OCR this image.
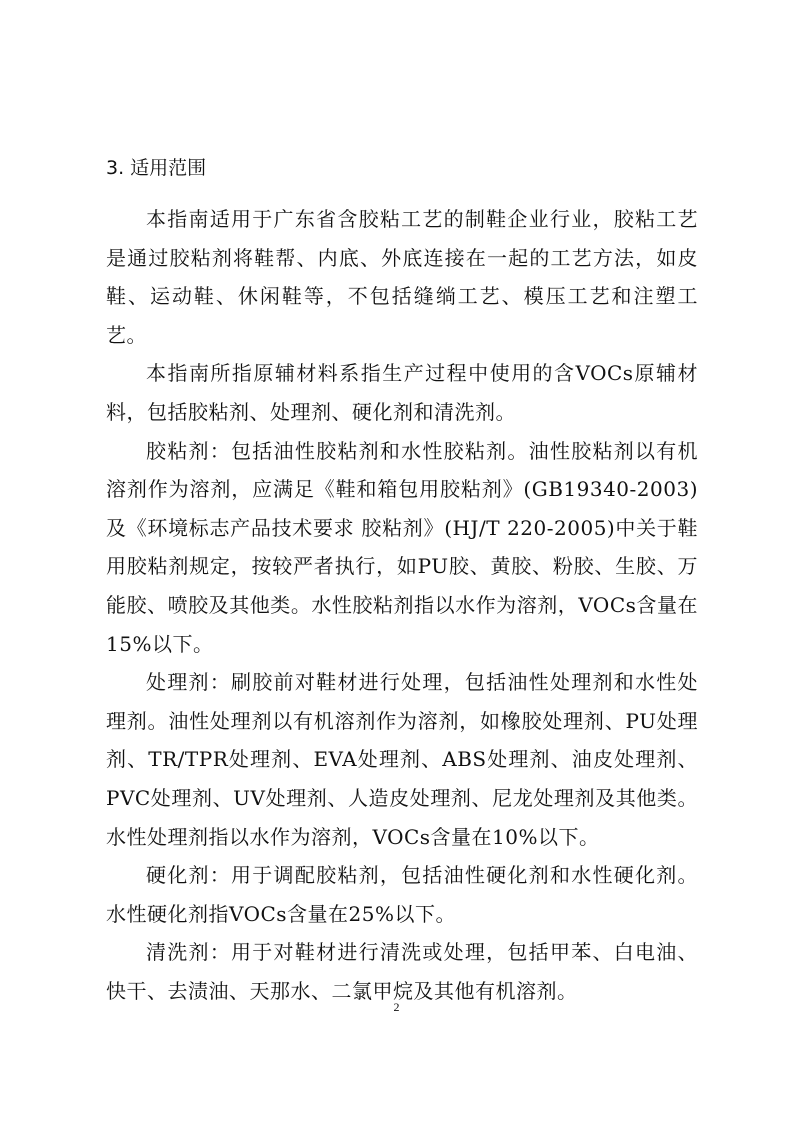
3. 适用范围

本指南适用于广东省含胶粘工艺的制鞋企业行业，胶粘工艺是通过胶粘剂将鞋帮、内底、外底连接在一起的工艺方法，如皮鞋、运动鞋、休闲鞋等，不包括缝绱工艺、模压工艺和注塑工艺。

本指南所指原辅材料系指生产过程中使用的含VOCs原辅材料，包括胶粘剂、处理剂、硬化剂和清洗剂。

胶粘剂：包括油性胶粘剂和水性胶粘剂。油性胶粘剂以有机溶剂作为溶剂，应满足《鞋和箱包用胶粘剂》(GB19340-2003)及《环境标志产品技术要求 胶粘剂》(HJ/T 220-2005)中关于鞋用胶粘剂规定，按较严者执行，如PU胶、黄胶、粉胶、生胶、万能胶、喷胶及其他类。水性胶粘剂指以水作为溶剂，VOCs含量在15%以下。

处理剂：刷胶前对鞋材进行处理，包括油性处理剂和水性处理剂。油性处理剂以有机溶剂作为溶剂，如橡胶处理剂、PU处理剂、TR/TPR处理剂、EVA处理剂、ABS处理剂、油皮处理剂、PVC处理剂、UV处理剂、人造皮处理剂、尼龙处理剂及其他类。水性处理剂指以水作为溶剂，VOCs含量在10%以下。

硬化剂：用于调配胶粘剂，包括油性硬化剂和水性硬化剂。水性硬化剂指VOCs含量在25%以下。

清洗剂：用于对鞋材进行清洗或处理，包括甲苯、白电油、快干、去渍油、天那水、二氯甲烷及其他有机溶剂。

2
